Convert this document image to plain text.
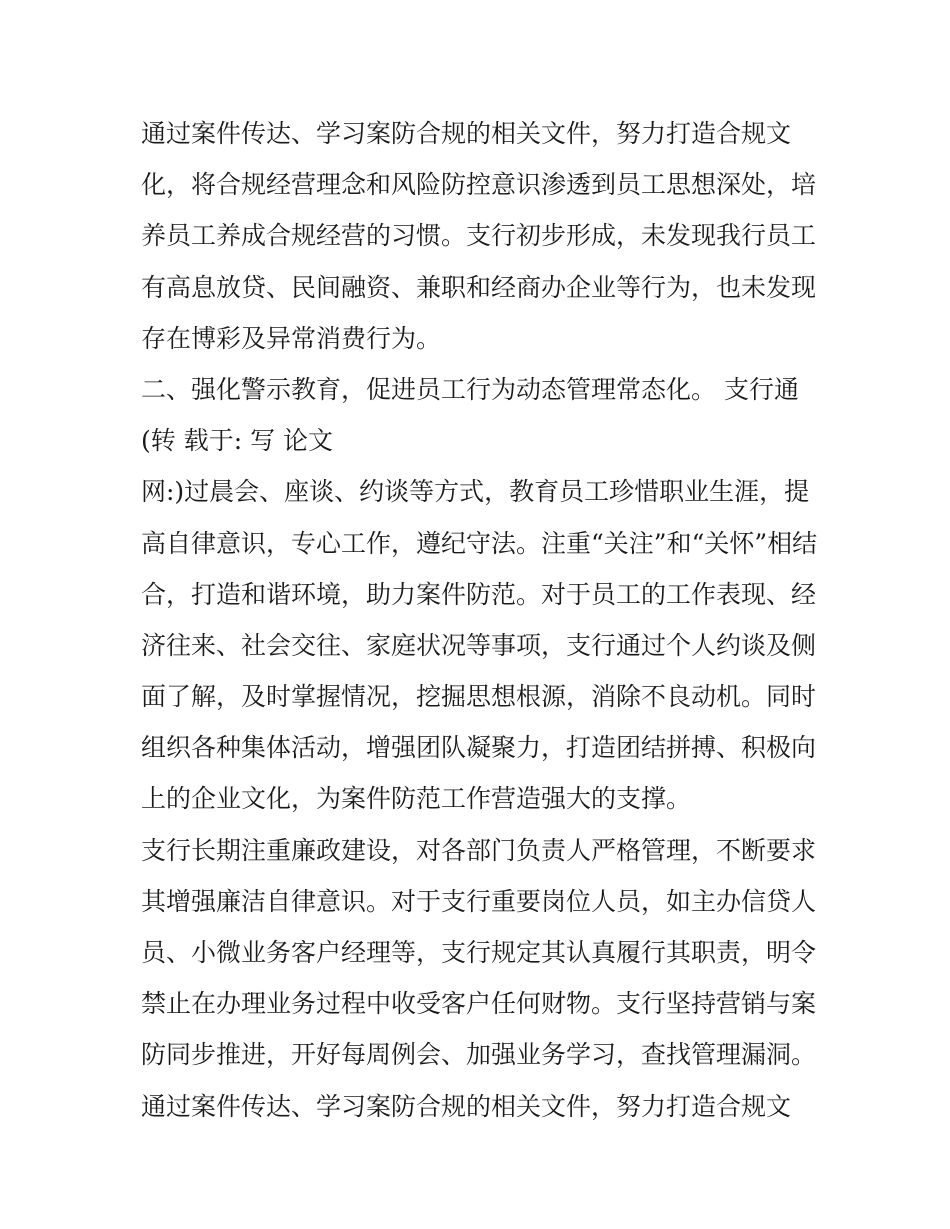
通过案件传达、学习案防合规的相关文件，努力打造合规文
化，将合规经营理念和风险防控意识渗透到员工思想深处，培
养员工养成合规经营的习惯。支行初步形成，未发现我行员工
有高息放贷、民间融资、兼职和经商办企业等行为，也未发现
存在博彩及异常消费行为。
二、强化警示教育，促进员工行为动态管理常态化。 支行通
(转 载于: 写 论文
网:)过晨会、座谈、约谈等方式，教育员工珍惜职业生涯，提
高自律意识，专心工作，遵纪守法。注重“关注”和“关怀”相结
合，打造和谐环境，助力案件防范。对于员工的工作表现、经
济往来、社会交往、家庭状况等事项，支行通过个人约谈及侧
面了解，及时掌握情况，挖掘思想根源，消除不良动机。同时
组织各种集体活动，增强团队凝聚力，打造团结拼搏、积极向
上的企业文化，为案件防范工作营造强大的支撑。
支行长期注重廉政建设，对各部门负责人严格管理，不断要求
其增强廉洁自律意识。对于支行重要岗位人员，如主办信贷人
员、小微业务客户经理等，支行规定其认真履行其职责，明令
禁止在办理业务过程中收受客户任何财物。支行坚持营销与案
防同步推进，开好每周例会、加强业务学习，查找管理漏洞。
通过案件传达、学习案防合规的相关文件，努力打造合规文
